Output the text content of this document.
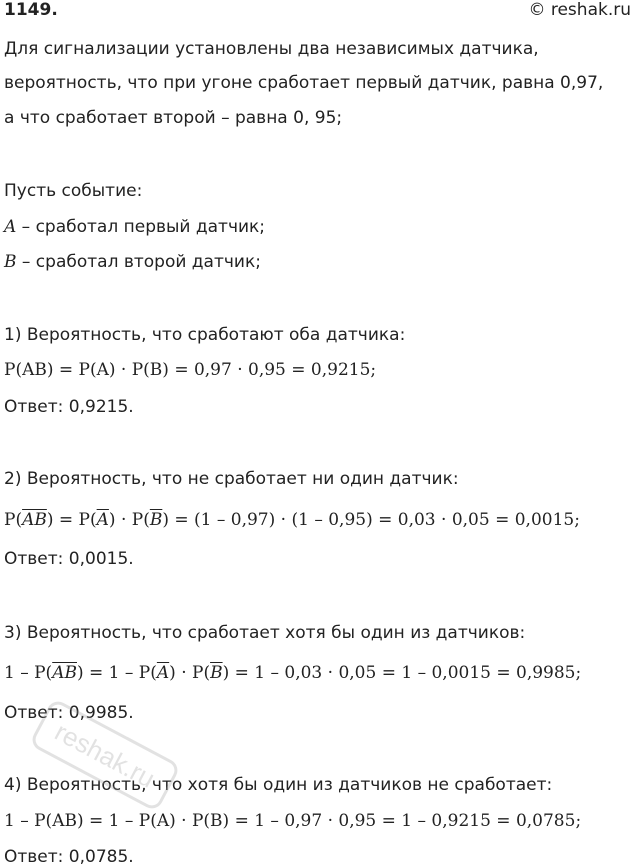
1149.	© reshak.ru
Для сигнализации установлены два независимых датчика,
вероятность, что при угоне сработает первый датчик, равна 0,97,
а что сработает второй – равна 0, 95;
Пусть событие:
A – сработал первый датчик;
B – сработал второй датчик;
1) Вероятность, что сработают оба датчика:
P(AB) = P(A) · P(B) = 0,97 · 0,95 = 0,9215;
Ответ: 0,9215.
2) Вероятность, что не сработает ни один датчик:
$P(\overline{AB}) = P(\overline{A}) \cdot P(\overline{B}) = (1 - 0,97) \cdot (1 - 0,95) = 0,03 \cdot 0,05 = 0,0015$;
Ответ: 0,0015.
3) Вероятность, что сработает хотя бы один из датчиков:
$1 - P(\overline{AB}) = 1 - P(\overline{A}) \cdot P(\overline{B}) = 1 - 0,03 \cdot 0,05 = 1 - 0,0015 = 0,9985$;
Ответ: 0,9985.
4) Вероятность, что хотя бы один из датчиков не сработает:
1 – P(AB) = 1 – P(A) · P(B) = 1 – 0,97 · 0,95 = 1 – 0,9215 = 0,0785;
Ответ: 0,0785.
reshak.ru
